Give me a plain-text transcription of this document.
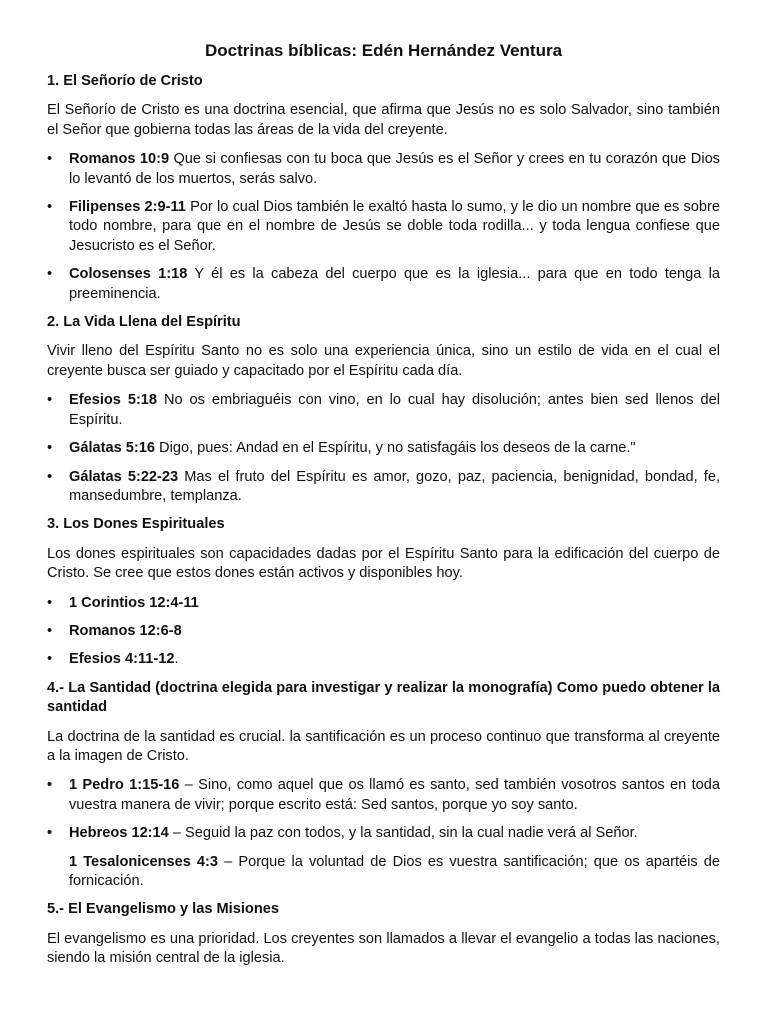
Doctrinas bíblicas: Edén Hernández Ventura
1. El Señorío de Cristo

El Señorío de Cristo es una doctrina esencial, que afirma que Jesús no es solo Salvador, sino también el Señor que gobierna todas las áreas de la vida del creyente.

•	Romanos 10:9 Que si confiesas con tu boca que Jesús es el Señor y crees en tu corazón que Dios lo levantó de los muertos, serás salvo.
•	Filipenses 2:9-11 Por lo cual Dios también le exaltó hasta lo sumo, y le dio un nombre que es sobre todo nombre, para que en el nombre de Jesús se doble toda rodilla... y toda lengua confiese que Jesucristo es el Señor.
•	Colosenses 1:18 Y él es la cabeza del cuerpo que es la iglesia... para que en todo tenga la preeminencia.
2. La Vida Llena del Espíritu

Vivir lleno del Espíritu Santo no es solo una experiencia única, sino un estilo de vida en el cual el creyente busca ser guiado y capacitado por el Espíritu cada día.

•	Efesios 5:18 No os embriaguéis con vino, en lo cual hay disolución; antes bien sed llenos del Espíritu.
•	Gálatas 5:16 Digo, pues: Andad en el Espíritu, y no satisfagáis los deseos de la carne."
•	Gálatas 5:22-23 Mas el fruto del Espíritu es amor, gozo, paz, paciencia, benignidad, bondad, fe, mansedumbre, templanza.
3. Los Dones Espirituales

Los dones espirituales son capacidades dadas por el Espíritu Santo para la edificación del cuerpo de Cristo. Se cree que estos dones están activos y disponibles hoy.

•	1 Corintios 12:4-11
•	Romanos 12:6-8
•	Efesios 4:11-12.
4.- La Santidad (doctrina elegida para investigar y realizar la monografía) Como puedo obtener la santidad

La doctrina de la santidad es crucial. la santificación es un proceso continuo que transforma al creyente a la imagen de Cristo.

•	1 Pedro 1:15-16 – Sino, como aquel que os llamó es santo, sed también vosotros santos en toda vuestra manera de vivir; porque escrito está: Sed santos, porque yo soy santo.
•	Hebreos 12:14 – Seguid la paz con todos, y la santidad, sin la cual nadie verá al Señor.
1 Tesalonicenses 4:3 – Porque la voluntad de Dios es vuestra santificación; que os apartéis de fornicación.
5.- El Evangelismo y las Misiones

El evangelismo es una prioridad. Los creyentes son llamados a llevar el evangelio a todas las naciones, siendo la misión central de la iglesia.
